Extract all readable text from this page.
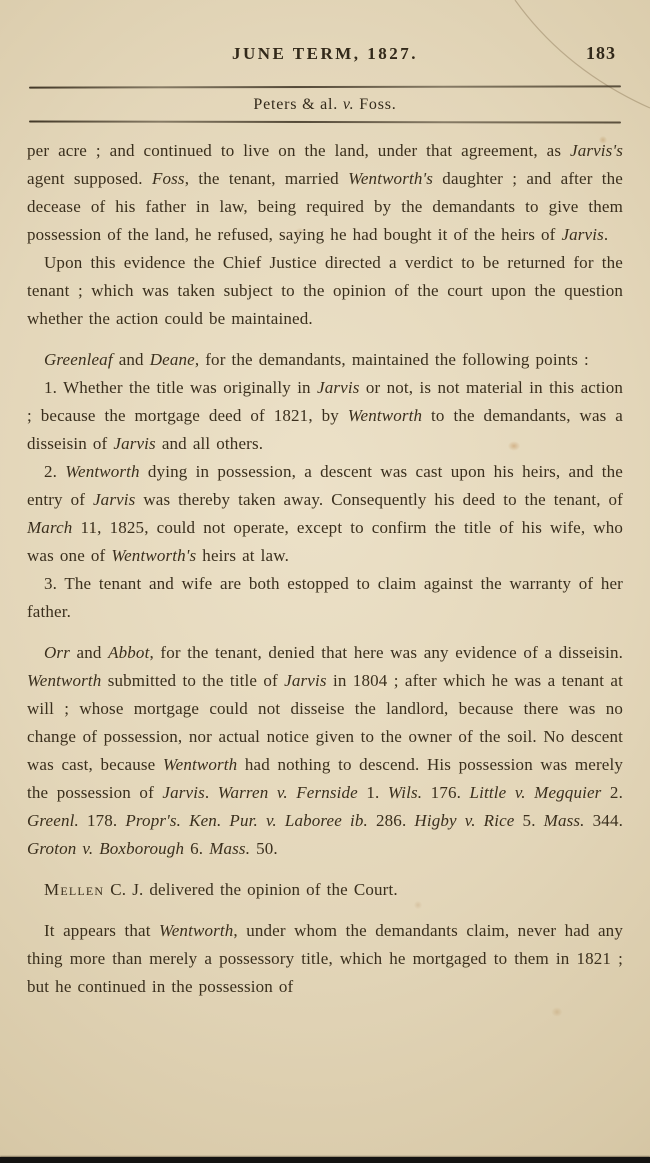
JUNE TERM, 1827.	183
Peters & al. v. Foss.

per acre ; and continued to live on the land, under that agreement, as Jarvis's agent supposed. Foss, the tenant, married Wentworth's daughter ; and after the decease of his father in law, being required by the demandants to give them possession of the land, he refused, saying he had bought it of the heirs of Jarvis.

Upon this evidence the Chief Justice directed a verdict to be returned for the tenant ; which was taken subject to the opinion of the court upon the question whether the action could be maintained.

Greenleaf and Deane, for the demandants, maintained the following points :

1. Whether the title was originally in Jarvis or not, is not material in this action ; because the mortgage deed of 1821, by Wentworth to the demandants, was a disseisin of Jarvis and all others.

2. Wentworth dying in possession, a descent was cast upon his heirs, and the entry of Jarvis was thereby taken away. Consequently his deed to the tenant, of March 11, 1825, could not operate, except to confirm the title of his wife, who was one of Wentworth's heirs at law.

3. The tenant and wife are both estopped to claim against the warranty of her father.

Orr and Abbot, for the tenant, denied that here was any evidence of a disseisin. Wentworth submitted to the title of Jarvis in 1804 ; after which he was a tenant at will ; whose mortgage could not disseise the landlord, because there was no change of possession, nor actual notice given to the owner of the soil. No descent was cast, because Wentworth had nothing to descend. His possession was merely the possession of Jarvis. Warren v. Fernside 1. Wils. 176. Little v. Megquier 2. Greenl. 178. Propr's. Ken. Pur. v. Laboree ib. 286. Higby v. Rice 5. Mass. 344. Groton v. Boxborough 6. Mass. 50.

Mellen C. J. delivered the opinion of the Court.

It appears that Wentworth, under whom the demandants claim, never had any thing more than merely a possessory title, which he mortgaged to them in 1821 ; but he continued in the possession of
